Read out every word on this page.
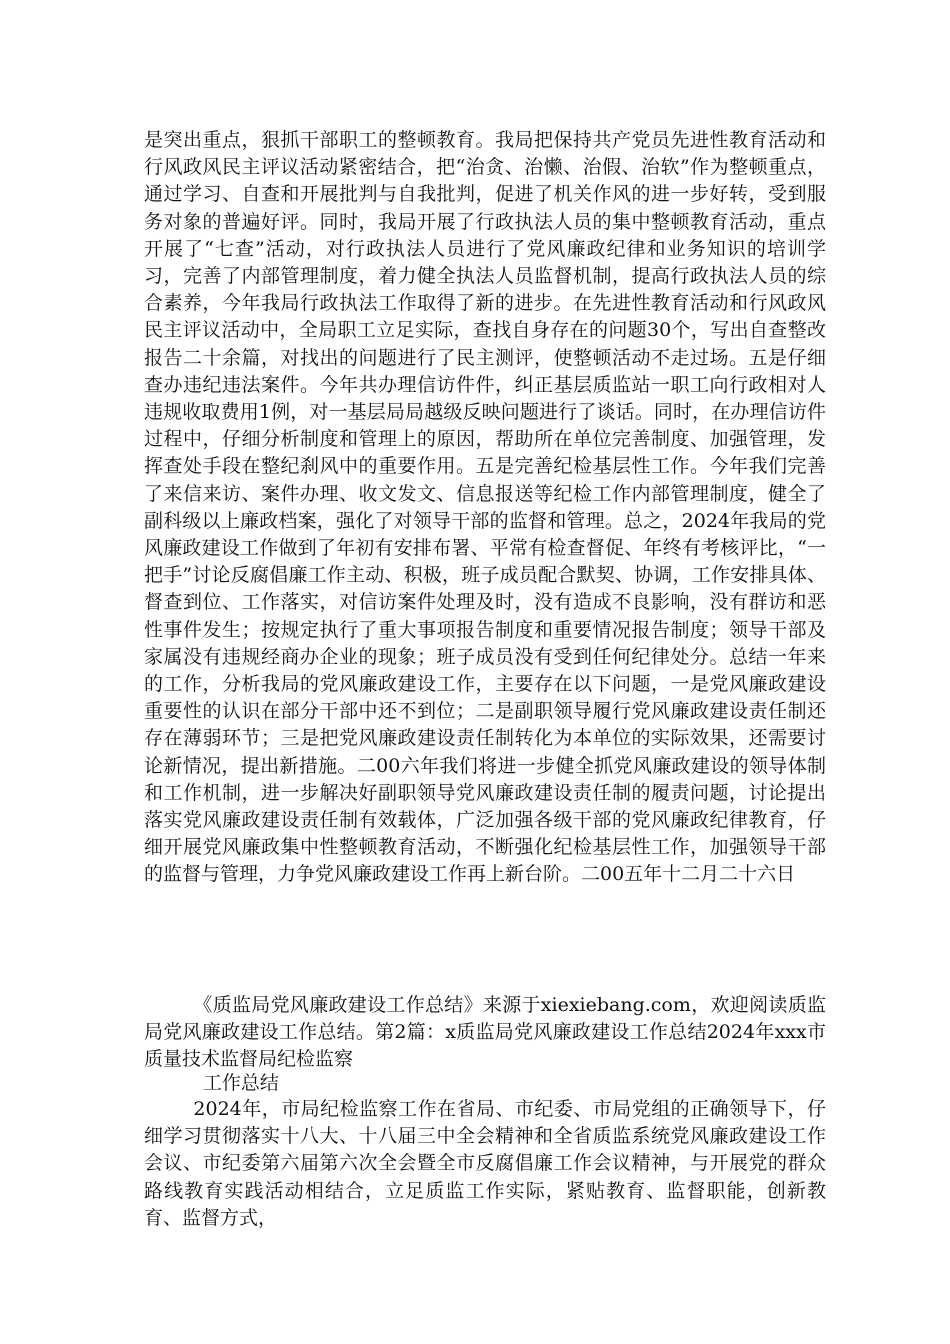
是突出重点，狠抓干部职工的整顿教育。我局把保持共产党员先进性教育活动和行风政风民主评议活动紧密结合，把“治贪、治懒、治假、治软”作为整顿重点，通过学习、自查和开展批判与自我批判，促进了机关作风的进一步好转，受到服务对象的普遍好评。同时，我局开展了行政执法人员的集中整顿教育活动，重点开展了“七查”活动，对行政执法人员进行了党风廉政纪律和业务知识的培训学习，完善了内部管理制度，着力健全执法人员监督机制，提高行政执法人员的综合素养，今年我局行政执法工作取得了新的进步。在先进性教育活动和行风政风民主评议活动中，全局职工立足实际，查找自身存在的问题30个，写出自查整改报告二十余篇，对找出的问题进行了民主测评，使整顿活动不走过场。五是仔细查办违纪违法案件。今年共办理信访件件，纠正基层质监站一职工向行政相对人违规收取费用1例，对一基层局局越级反映问题进行了谈话。同时，在办理信访件过程中，仔细分析制度和管理上的原因，帮助所在单位完善制度、加强管理，发挥查处手段在整纪刹风中的重要作用。五是完善纪检基层性工作。今年我们完善了来信来访、案件办理、收文发文、信息报送等纪检工作内部管理制度，健全了副科级以上廉政档案，强化了对领导干部的监督和管理。总之，2024年我局的党风廉政建设工作做到了年初有安排布署、平常有检查督促、年终有考核评比，“一把手”讨论反腐倡廉工作主动、积极，班子成员配合默契、协调，工作安排具体、督查到位、工作落实，对信访案件处理及时，没有造成不良影响，没有群访和恶性事件发生；按规定执行了重大事项报告制度和重要情况报告制度；领导干部及家属没有违规经商办企业的现象；班子成员没有受到任何纪律处分。总结一年来的工作，分析我局的党风廉政建设工作，主要存在以下问题，一是党风廉政建设重要性的认识在部分干部中还不到位；二是副职领导履行党风廉政建设责任制还存在薄弱环节；三是把党风廉政建设责任制转化为本单位的实际效果，还需要讨论新情况，提出新措施。二00六年我们将进一步健全抓党风廉政建设的领导体制和工作机制，进一步解决好副职领导党风廉政建设责任制的履责问题，讨论提出落实党风廉政建设责任制有效载体，广泛加强各级干部的党风廉政纪律教育，仔细开展党风廉政集中性整顿教育活动，不断强化纪检基层性工作，加强领导干部的监督与管理，力争党风廉政建设工作再上新台阶。二00五年十二月二十六日

《质监局党风廉政建设工作总结》来源于xiexiebang.com，欢迎阅读质监局党风廉政建设工作总结。第2篇：x质监局党风廉政建设工作总结2024年xxx市质量技术监督局纪检监察

工作总结

2024年，市局纪检监察工作在省局、市纪委、市局党组的正确领导下，仔细学习贯彻落实十八大、十八届三中全会精神和全省质监系统党风廉政建设工作会议、市纪委第六届第六次全会暨全市反腐倡廉工作会议精神，与开展党的群众路线教育实践活动相结合，立足质监工作实际，紧贴教育、监督职能，创新教育、监督方式，
